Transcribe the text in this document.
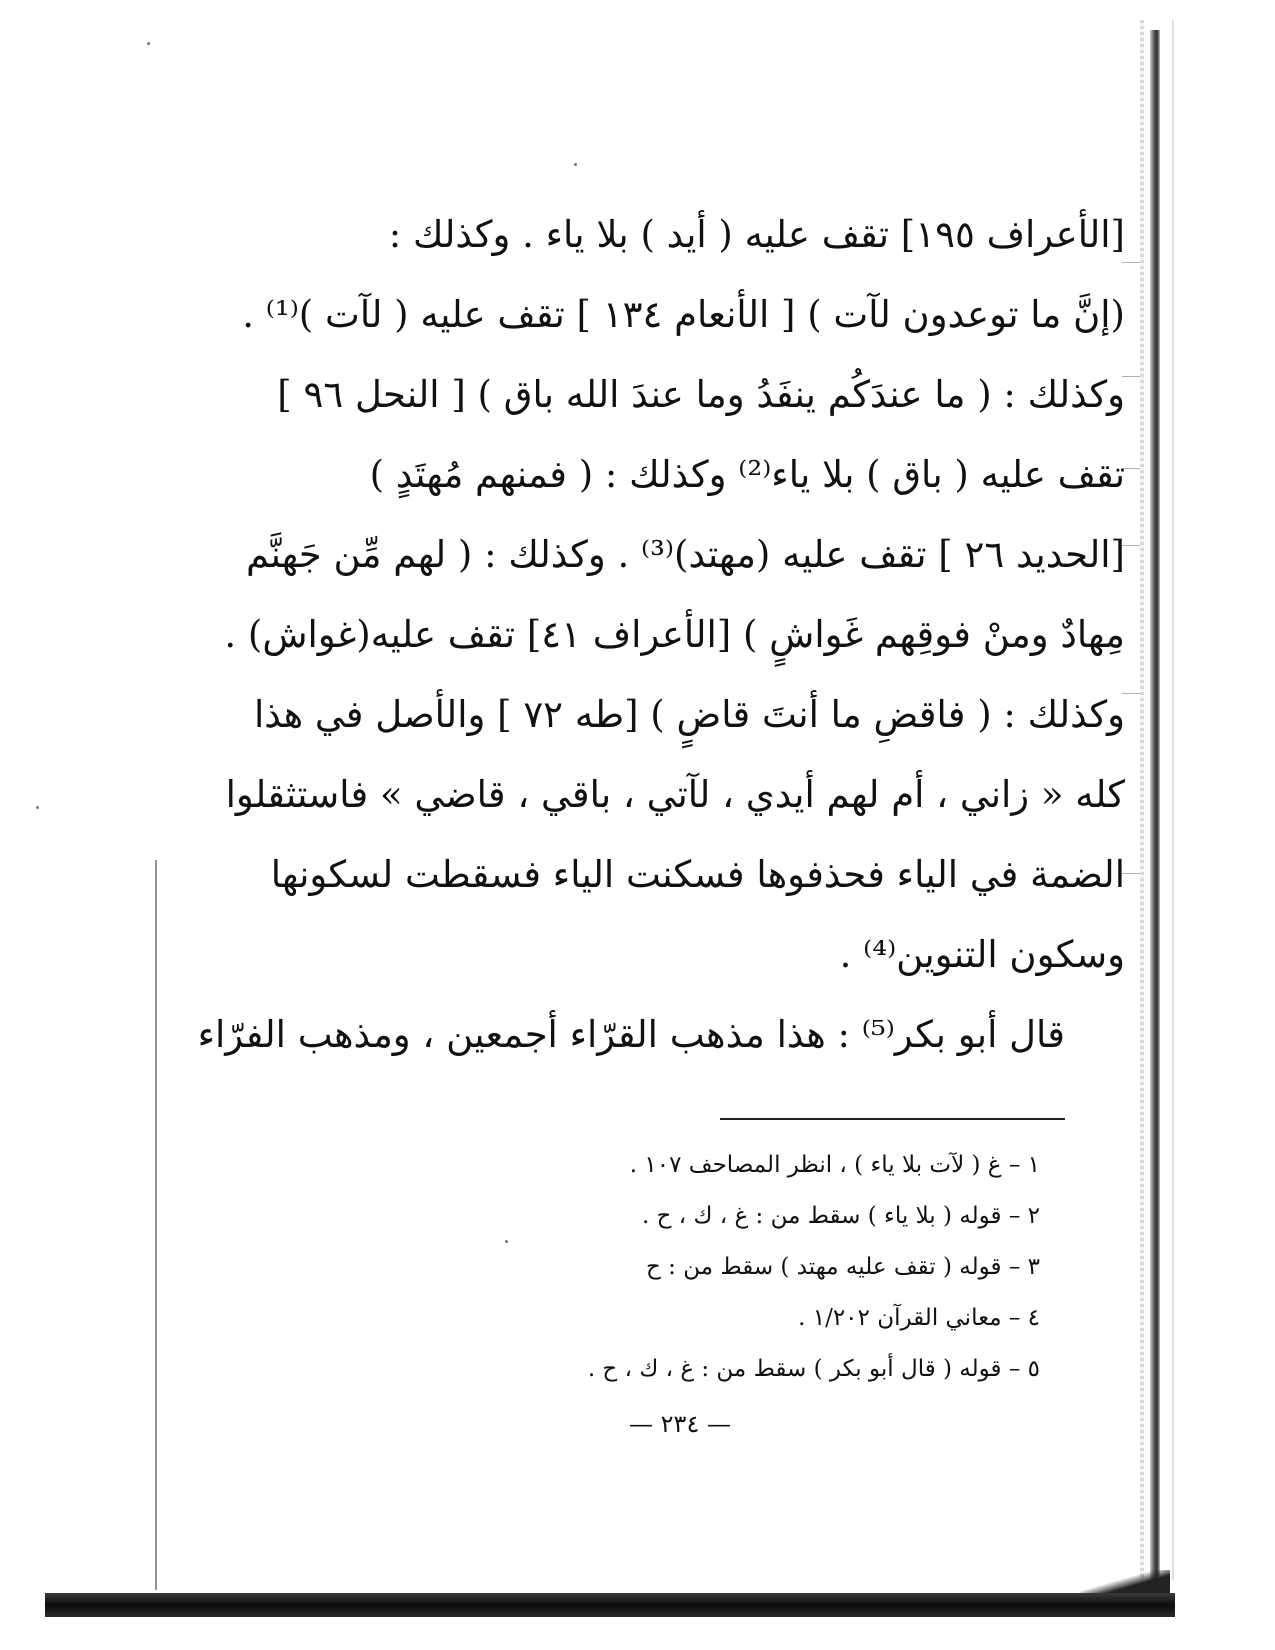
[الأعراف ١٩٥] تقف عليه ( أيد ) بلا ياء . وكذلك :
(إنَّ ما توعدون لآت ) [ الأنعام ١٣٤ ] تقف عليه ( لآت )⁽¹⁾ .
وكذلك : ( ما عندَكُم ينفَدُ وما عندَ الله باق ) [ النحل ٩٦ ]
تقف عليه ( باق ) بلا ياء⁽²⁾ وكذلك : ( فمنهم مُهتَدٍ )
[الحديد ٢٦ ] تقف عليه (مهتد)⁽³⁾ . وكذلك : ( لهم مِّن جَهنَّم
مِهادٌ ومنْ فوقِهم غَواشٍ ) [الأعراف ٤١] تقف عليه(غواش) .
وكذلك : ( فاقضِ ما أنتَ قاضٍ ) [طه ٧٢ ] والأصل في هذا
كله « زاني ، أم لهم أيدي ، لآتي ، باقي ، قاضي » فاستثقلوا
الضمة في الياء فحذفوها فسكنت الياء فسقطت لسكونها
وسكون التنوين⁽⁴⁾ .
قال أبو بكر⁽⁵⁾ : هذا مذهب القرّاء أجمعين ، ومذهب الفرّاء
١ – غ ( لآت بلا ياء ) ، انظر المصاحف ١٠٧ .
٢ – قوله ( بلا ياء ) سقط من : غ ، ك ، ح .
٣ – قوله ( تقف عليه مهتد ) سقط من : ح
٤ – معاني القرآن ١/٢٠٢ .
٥ – قوله ( قال أبو بكر ) سقط من : غ ، ك ، ح .
— ٢٣٤ —
